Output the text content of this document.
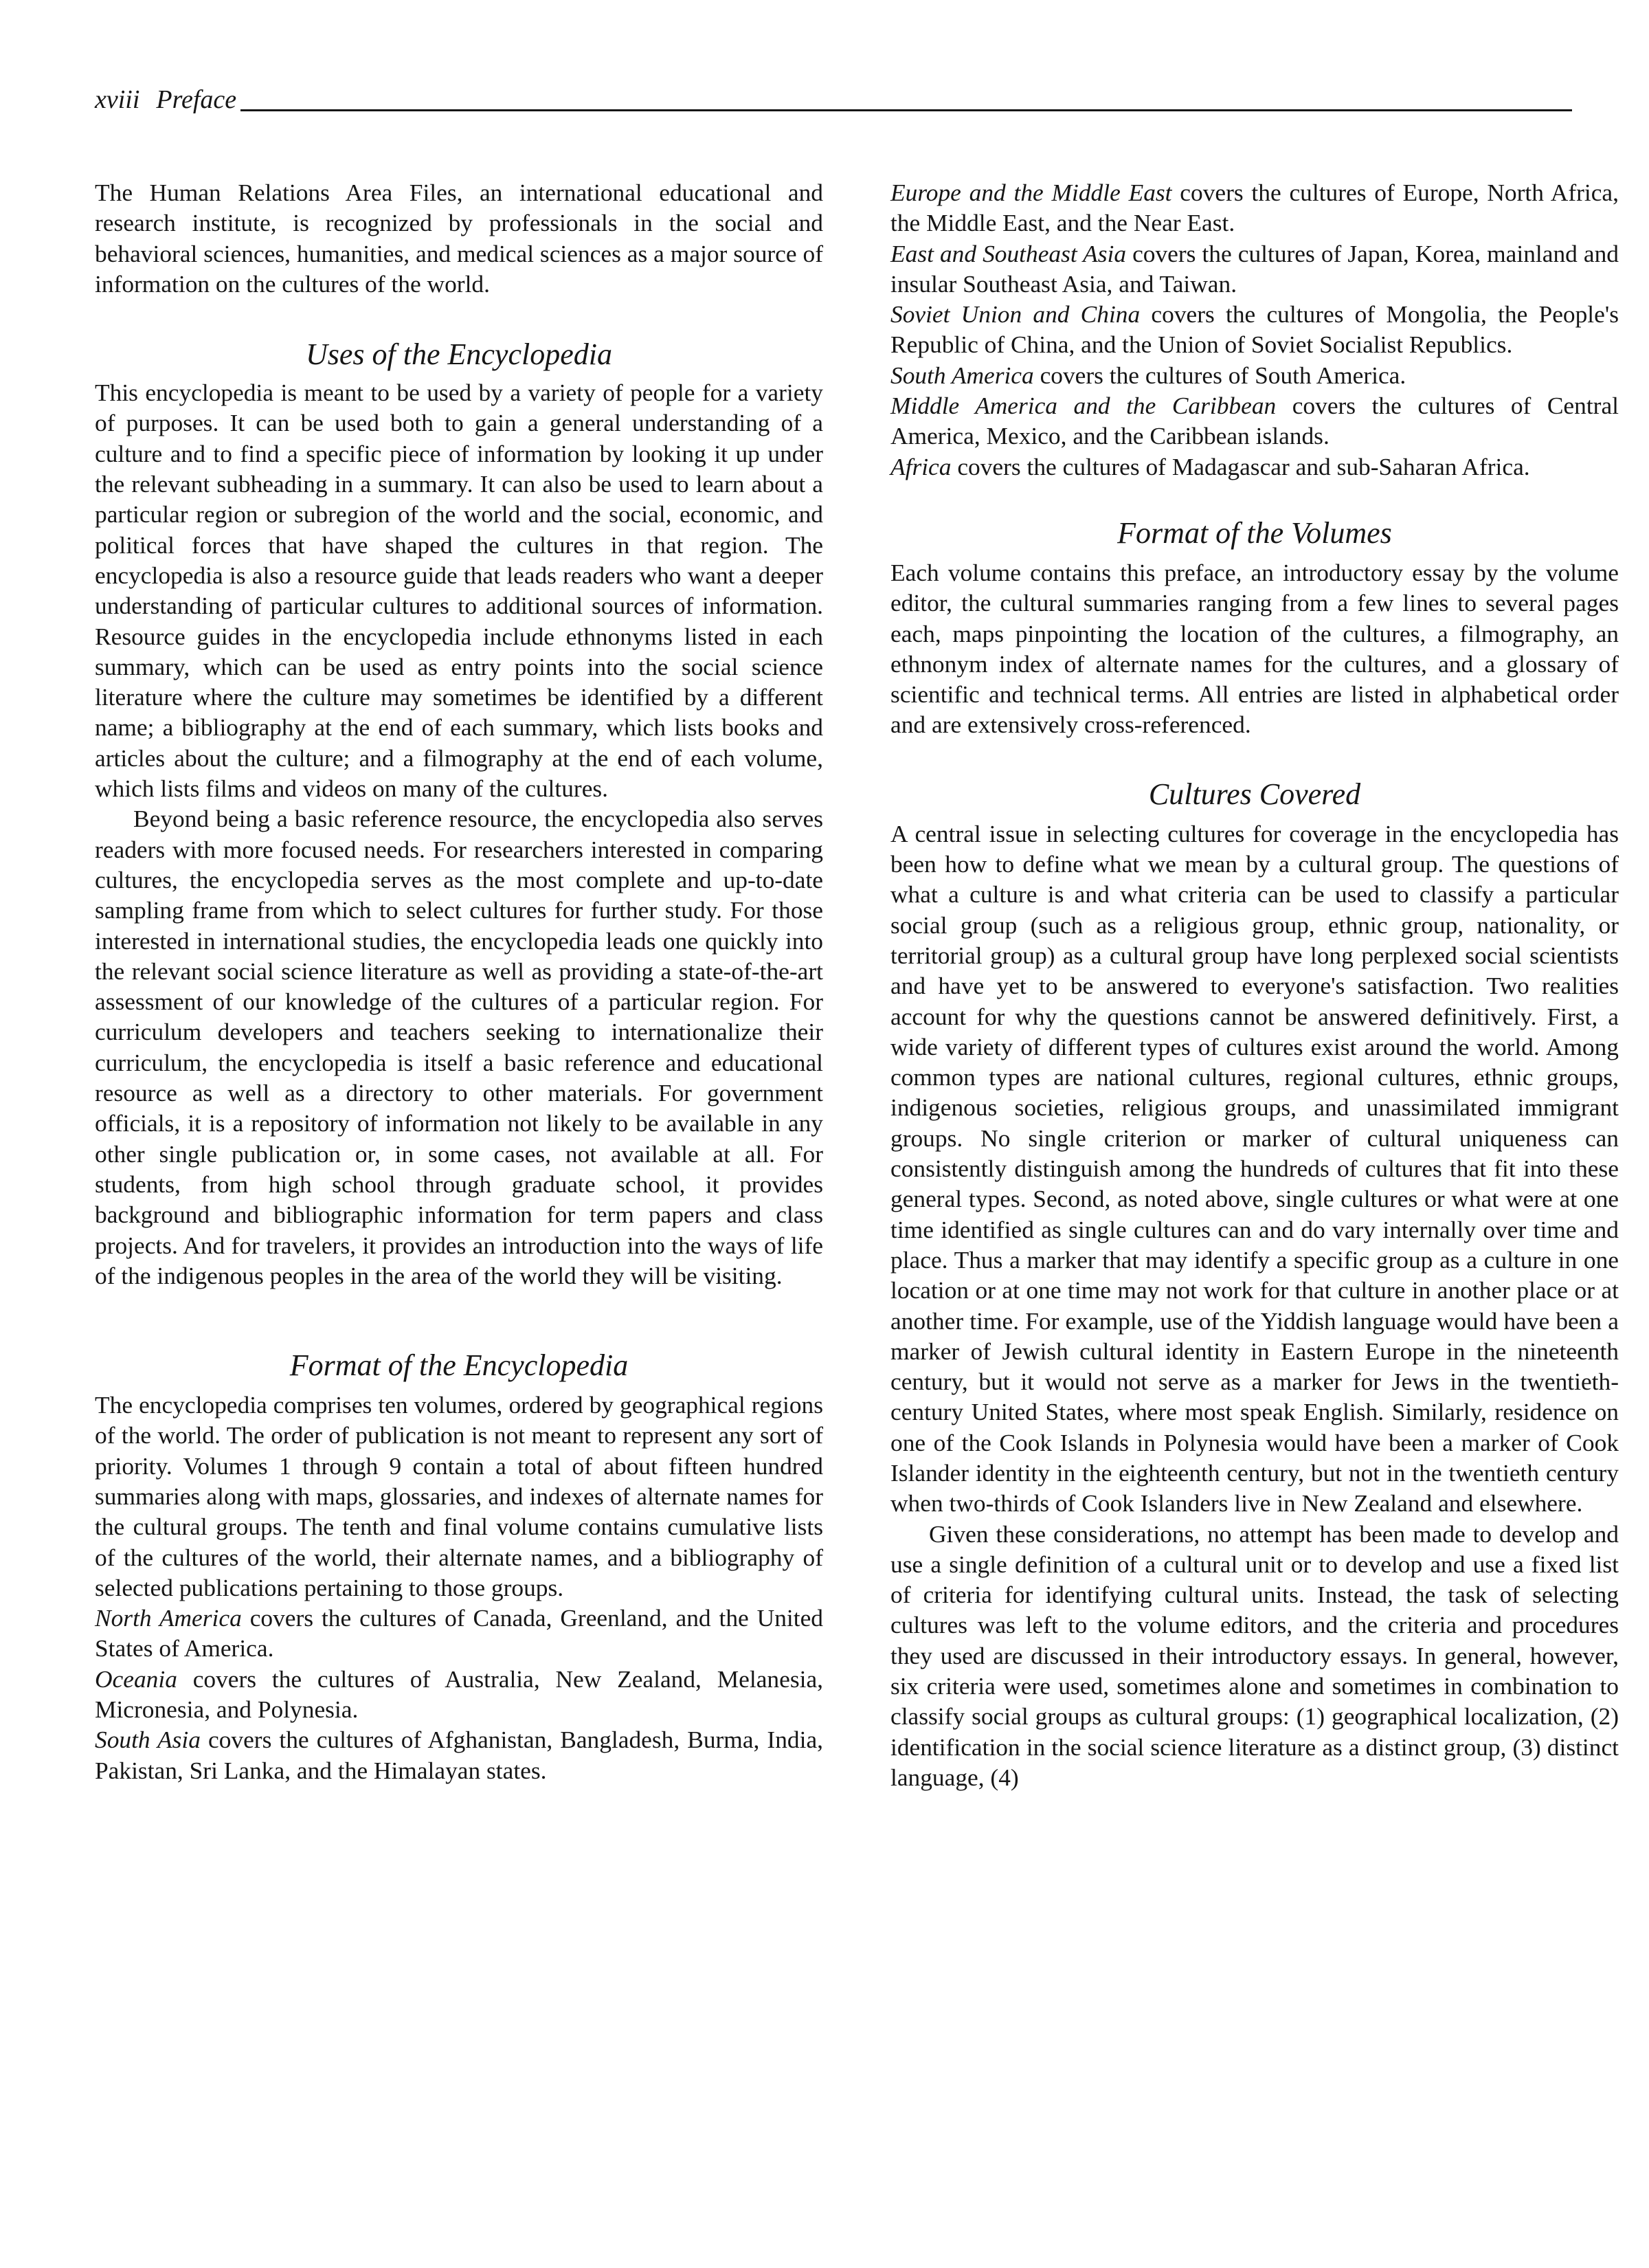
xviii Preface

The Human Relations Area Files, an international educational and research institute, is recognized by professionals in the social and behavioral sciences, humanities, and medical sciences as a major source of information on the cultures of the world.

Uses of the Encyclopedia

This encyclopedia is meant to be used by a variety of people for a variety of purposes. It can be used both to gain a general understanding of a culture and to find a specific piece of information by looking it up under the relevant subheading in a summary. It can also be used to learn about a particular region or subregion of the world and the social, economic, and political forces that have shaped the cultures in that region. The encyclopedia is also a resource guide that leads readers who want a deeper understanding of particular cultures to additional sources of information. Resource guides in the encyclopedia include ethnonyms listed in each summary, which can be used as entry points into the social science literature where the culture may sometimes be identified by a different name; a bibliography at the end of each summary, which lists books and articles about the culture; and a filmography at the end of each volume, which lists films and videos on many of the cultures.

Beyond being a basic reference resource, the encyclopedia also serves readers with more focused needs. For researchers interested in comparing cultures, the encyclopedia serves as the most complete and up-to-date sampling frame from which to select cultures for further study. For those interested in international studies, the encyclopedia leads one quickly into the relevant social science literature as well as providing a state-of-the-art assessment of our knowledge of the cultures of a particular region. For curriculum developers and teachers seeking to internationalize their curriculum, the encyclopedia is itself a basic reference and educational resource as well as a directory to other materials. For government officials, it is a repository of information not likely to be available in any other single publication or, in some cases, not available at all. For students, from high school through graduate school, it provides background and bibliographic information for term papers and class projects. And for travelers, it provides an introduction into the ways of life of the indigenous peoples in the area of the world they will be visiting.

Format of the Encyclopedia

The encyclopedia comprises ten volumes, ordered by geographical regions of the world. The order of publication is not meant to represent any sort of priority. Volumes 1 through 9 contain a total of about fifteen hundred summaries along with maps, glossaries, and indexes of alternate names for the cultural groups. The tenth and final volume contains cumulative lists of the cultures of the world, their alternate names, and a bibliography of selected publications pertaining to those groups.

North America covers the cultures of Canada, Greenland, and the United States of America.

Oceania covers the cultures of Australia, New Zealand, Melanesia, Micronesia, and Polynesia.

South Asia covers the cultures of Afghanistan, Bangladesh, Burma, India, Pakistan, Sri Lanka, and the Himalayan states.

Europe and the Middle East covers the cultures of Europe, North Africa, the Middle East, and the Near East.

East and Southeast Asia covers the cultures of Japan, Korea, mainland and insular Southeast Asia, and Taiwan.

Soviet Union and China covers the cultures of Mongolia, the People's Republic of China, and the Union of Soviet Socialist Republics.

South America covers the cultures of South America.

Middle America and the Caribbean covers the cultures of Central America, Mexico, and the Caribbean islands.

Africa covers the cultures of Madagascar and sub-Saharan Africa.

Format of the Volumes

Each volume contains this preface, an introductory essay by the volume editor, the cultural summaries ranging from a few lines to several pages each, maps pinpointing the location of the cultures, a filmography, an ethnonym index of alternate names for the cultures, and a glossary of scientific and technical terms. All entries are listed in alphabetical order and are extensively cross-referenced.

Cultures Covered

A central issue in selecting cultures for coverage in the encyclopedia has been how to define what we mean by a cultural group. The questions of what a culture is and what criteria can be used to classify a particular social group (such as a religious group, ethnic group, nationality, or territorial group) as a cultural group have long perplexed social scientists and have yet to be answered to everyone's satisfaction. Two realities account for why the questions cannot be answered definitively. First, a wide variety of different types of cultures exist around the world. Among common types are national cultures, regional cultures, ethnic groups, indigenous societies, religious groups, and unassimilated immigrant groups. No single criterion or marker of cultural uniqueness can consistently distinguish among the hundreds of cultures that fit into these general types. Second, as noted above, single cultures or what were at one time identified as single cultures can and do vary internally over time and place. Thus a marker that may identify a specific group as a culture in one location or at one time may not work for that culture in another place or at another time. For example, use of the Yiddish language would have been a marker of Jewish cultural identity in Eastern Europe in the nineteenth century, but it would not serve as a marker for Jews in the twentieth-century United States, where most speak English. Similarly, residence on one of the Cook Islands in Polynesia would have been a marker of Cook Islander identity in the eighteenth century, but not in the twentieth century when two-thirds of Cook Islanders live in New Zealand and elsewhere.

Given these considerations, no attempt has been made to develop and use a single definition of a cultural unit or to develop and use a fixed list of criteria for identifying cultural units. Instead, the task of selecting cultures was left to the volume editors, and the criteria and procedures they used are discussed in their introductory essays. In general, however, six criteria were used, sometimes alone and sometimes in combination to classify social groups as cultural groups: (1) geographical localization, (2) identification in the social science literature as a distinct group, (3) distinct language, (4)
